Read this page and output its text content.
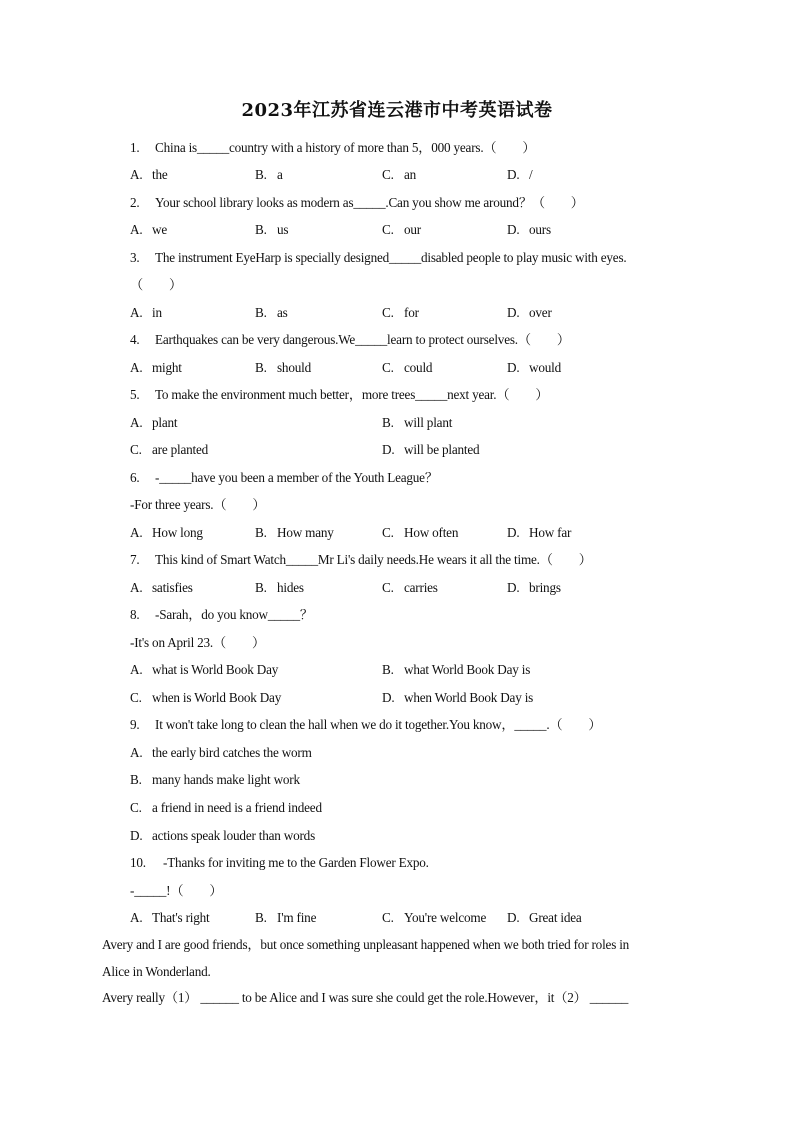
2023年江苏省连云港市中考英语试卷
1. China is_____country with a history of more than 5，000 years.（　　）
A. the	B. a	C. an	D. /
2. Your school library looks as modern as_____.Can you show me around？（　　）
A. we	B. us	C. our	D. ours
3. The instrument EyeHarp is specially designed_____disabled people to play music with eyes.
（　　）
A. in	B. as	C. for	D. over
4. Earthquakes can be very dangerous.We_____learn to protect ourselves.（　　）
A. might	B. should	C. could	D. would
5. To make the environment much better，more trees_____next year.（　　）
A. plant	B. will plant
C. are planted	D. will be planted
6. -_____have you been a member of the Youth League？
-For three years.（　　）
A. How long	B. How many	C. How often	D. How far
7. This kind of Smart Watch_____Mr Li's daily needs.He wears it all the time.（　　）
A. satisfies	B. hides	C. carries	D. brings
8. -Sarah，do you know_____？
-It's on April 23.（　　）
A. what is World Book Day	B. what World Book Day is
C. when is World Book Day	D. when World Book Day is
9. It won't take long to clean the hall when we do it together.You know，_____.（　　）
A. the early bird catches the worm
B. many hands make light work
C. a friend in need is a friend indeed
D. actions speak louder than words
10. -Thanks for inviting me to the Garden Flower Expo.
-_____!（　　）
A. That's right	B. I'm fine	C. You're welcome D. Great idea
Avery and I are good friends，but once something unpleasant happened when we both tried for roles in
Alice in Wonderland.
Avery really（1） ______ to be Alice and I was sure she could get the role.However，it（2） ______
